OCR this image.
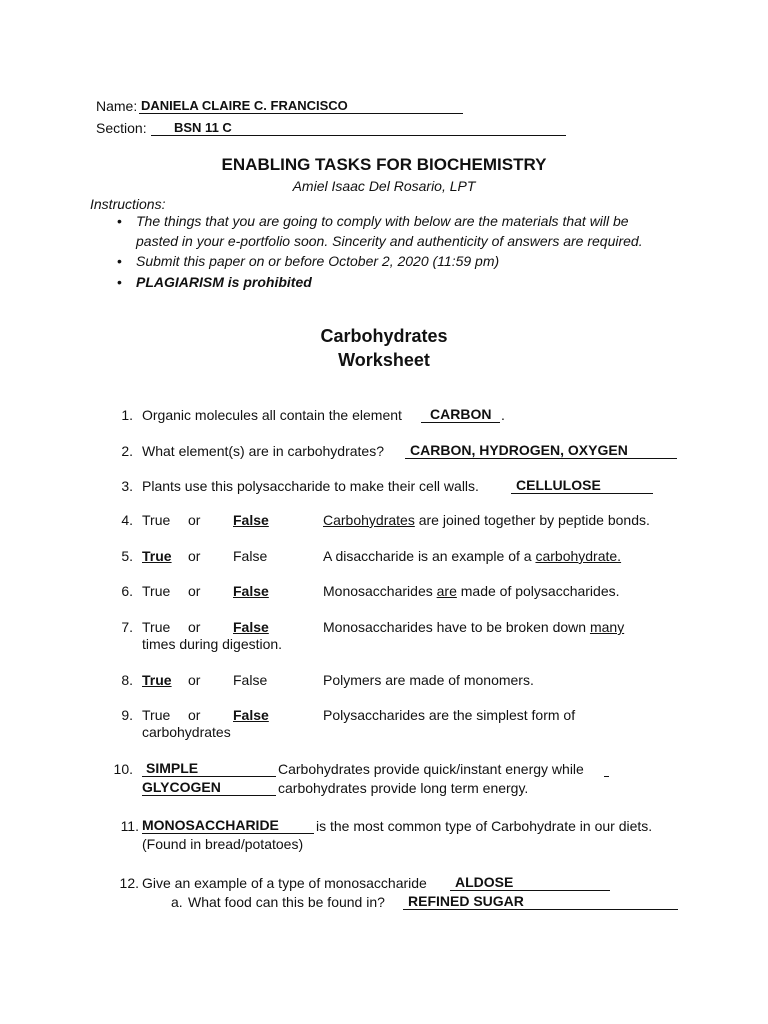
Name: DANIELA CLAIRE C. FRANCISCO
Section: BSN 11 C
ENABLING TASKS FOR BIOCHEMISTRY
Amiel Isaac Del Rosario, LPT
Instructions:
• The things that you are going to comply with below are the materials that will be
pasted in your e-portfolio soon. Sincerity and authenticity of answers are required.
• Submit this paper on or before October 2, 2020 (11:59 pm)
• PLAGIARISM is prohibited
Carbohydrates
Worksheet
1. Organic molecules all contain the element CARBON .
2. What element(s) are in carbohydrates? CARBON, HYDROGEN, OXYGEN
3. Plants use this polysaccharide to make their cell walls.	CELLULOSE
4. True or False	Carbohydrates are joined together by peptide bonds.
5. True or False	A disaccharide is an example of a carbohydrate.
6. True or False	Monosaccharides are made of polysaccharides.
7. True or False	Monosaccharides have to be broken down many
times during digestion.
8. True or False	Polymers are made of monomers.
9. True or False	Polysaccharides are the simplest form of
carbohydrates
10. SIMPLE	Carbohydrates provide quick/instant energy while
GLYCOGEN	carbohydrates provide long term energy.
11. MONOSACCHARIDE	is the most common type of Carbohydrate in our diets.
(Found in bread/potatoes)
12. Give an example of a type of monosaccharide ALDOSE
a. What food can this be found in? REFINED SUGAR
